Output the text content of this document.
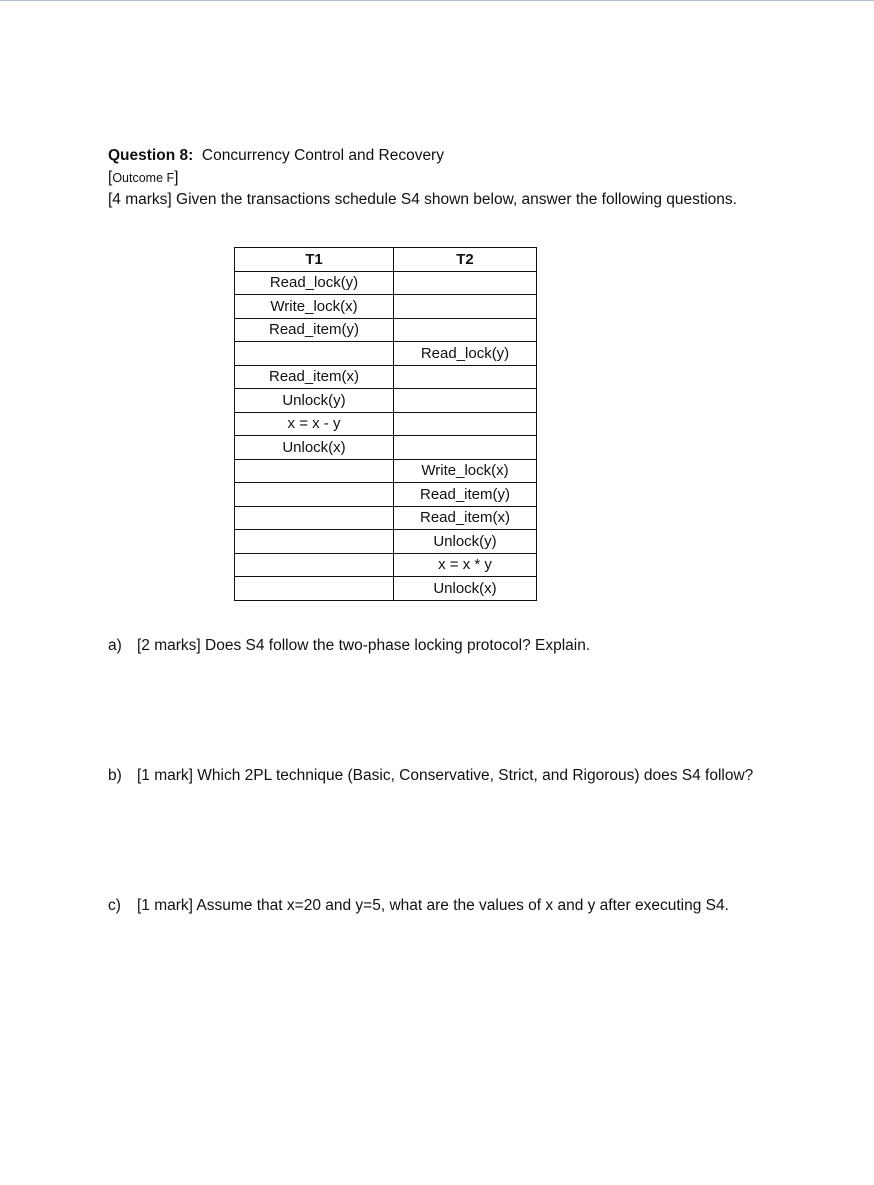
Question 8: Concurrency Control and Recovery
[Outcome F]
[4 marks] Given the transactions schedule S4 shown below, answer the following questions.
T1	T2
Read_lock(y)	
Write_lock(x)	
Read_item(y)	
	Read_lock(y)
Read_item(x)	
Unlock(y)	
x = x - y	
Unlock(x)	
	Write_lock(x)
	Read_item(y)
	Read_item(x)
	Unlock(y)
	x = x * y
	Unlock(x)
a) [2 marks] Does S4 follow the two-phase locking protocol? Explain.
b) [1 mark] Which 2PL technique (Basic, Conservative, Strict, and Rigorous) does S4 follow?
c) [1 mark] Assume that x=20 and y=5, what are the values of x and y after executing S4.
